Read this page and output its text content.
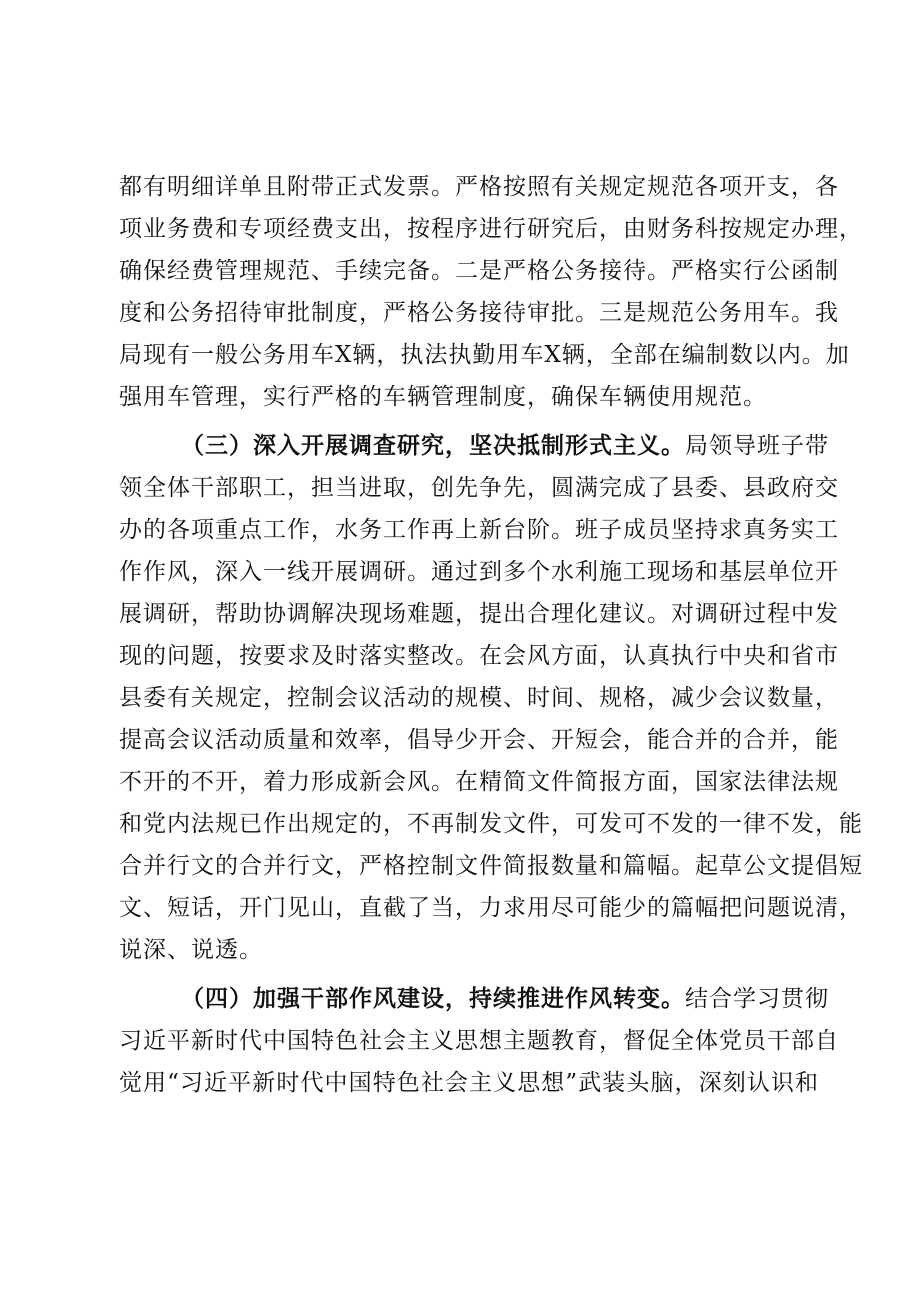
都有明细详单且附带正式发票。严格按照有关规定规范各项开支，各
项业务费和专项经费支出，按程序进行研究后，由财务科按规定办理，
确保经费管理规范、手续完备。二是严格公务接待。严格实行公函制
度和公务招待审批制度，严格公务接待审批。三是规范公务用车。我
局现有一般公务用车X辆，执法执勤用车X辆，全部在编制数以内。加
强用车管理，实行严格的车辆管理制度，确保车辆使用规范。
（三）深入开展调查研究，坚决抵制形式主义。局领导班子带
领全体干部职工，担当进取，创先争先，圆满完成了县委、县政府交
办的各项重点工作，水务工作再上新台阶。班子成员坚持求真务实工
作作风，深入一线开展调研。通过到多个水利施工现场和基层单位开
展调研，帮助协调解决现场难题，提出合理化建议。对调研过程中发
现的问题，按要求及时落实整改。在会风方面，认真执行中央和省市
县委有关规定，控制会议活动的规模、时间、规格，减少会议数量，
提高会议活动质量和效率，倡导少开会、开短会，能合并的合并，能
不开的不开，着力形成新会风。在精简文件简报方面，国家法律法规
和党内法规已作出规定的，不再制发文件，可发可不发的一律不发，能
合并行文的合并行文，严格控制文件简报数量和篇幅。起草公文提倡短
文、短话，开门见山，直截了当，力求用尽可能少的篇幅把问题说清，
说深、说透。
（四）加强干部作风建设，持续推进作风转变。结合学习贯彻
习近平新时代中国特色社会主义思想主题教育，督促全体党员干部自
觉用“习近平新时代中国特色社会主义思想”武装头脑，深刻认识和
